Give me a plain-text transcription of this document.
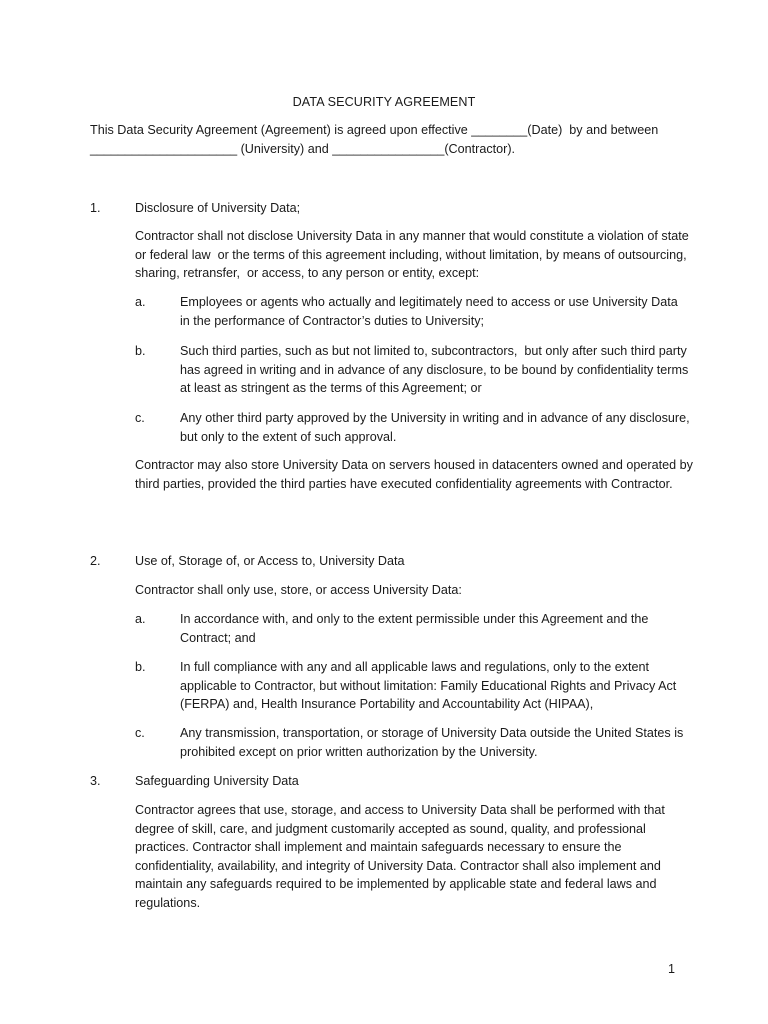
DATA SECURITY AGREEMENT

This Data Security Agreement (Agreement) is agreed upon effective ________(Date)  by and between _____________________ (University) and ________________(Contractor).

1.	Disclosure of University Data;

Contractor shall not disclose University Data in any manner that would constitute a violation of state or federal law  or the terms of this agreement including, without limitation, by means of outsourcing, sharing, retransfer,  or access, to any person or entity, except:

a.	Employees or agents who actually and legitimately need to access or use University Data in the performance of Contractor’s duties to University;

b.	Such third parties, such as but not limited to, subcontractors,  but only after such third party has agreed in writing and in advance of any disclosure, to be bound by confidentiality terms at least as stringent as the terms of this Agreement; or

c.	Any other third party approved by the University in writing and in advance of any disclosure, but only to the extent of such approval.

Contractor may also store University Data on servers housed in datacenters owned and operated by third parties, provided the third parties have executed confidentiality agreements with Contractor.

2.	Use of, Storage of, or Access to, University Data

Contractor shall only use, store, or access University Data:

a.	In accordance with, and only to the extent permissible under this Agreement and the Contract; and

b.	In full compliance with any and all applicable laws and regulations, only to the extent applicable to Contractor, but without limitation: Family Educational Rights and Privacy Act (FERPA) and, Health Insurance Portability and Accountability Act (HIPAA),

c.	Any transmission, transportation, or storage of University Data outside the United States is prohibited except on prior written authorization by the University.

3.	Safeguarding University Data

Contractor agrees that use, storage, and access to University Data shall be performed with that degree of skill, care, and judgment customarily accepted as sound, quality, and professional practices. Contractor shall implement and maintain safeguards necessary to ensure the confidentiality, availability, and integrity of University Data. Contractor shall also implement and maintain any safeguards required to be implemented by applicable state and federal laws and regulations.

1
